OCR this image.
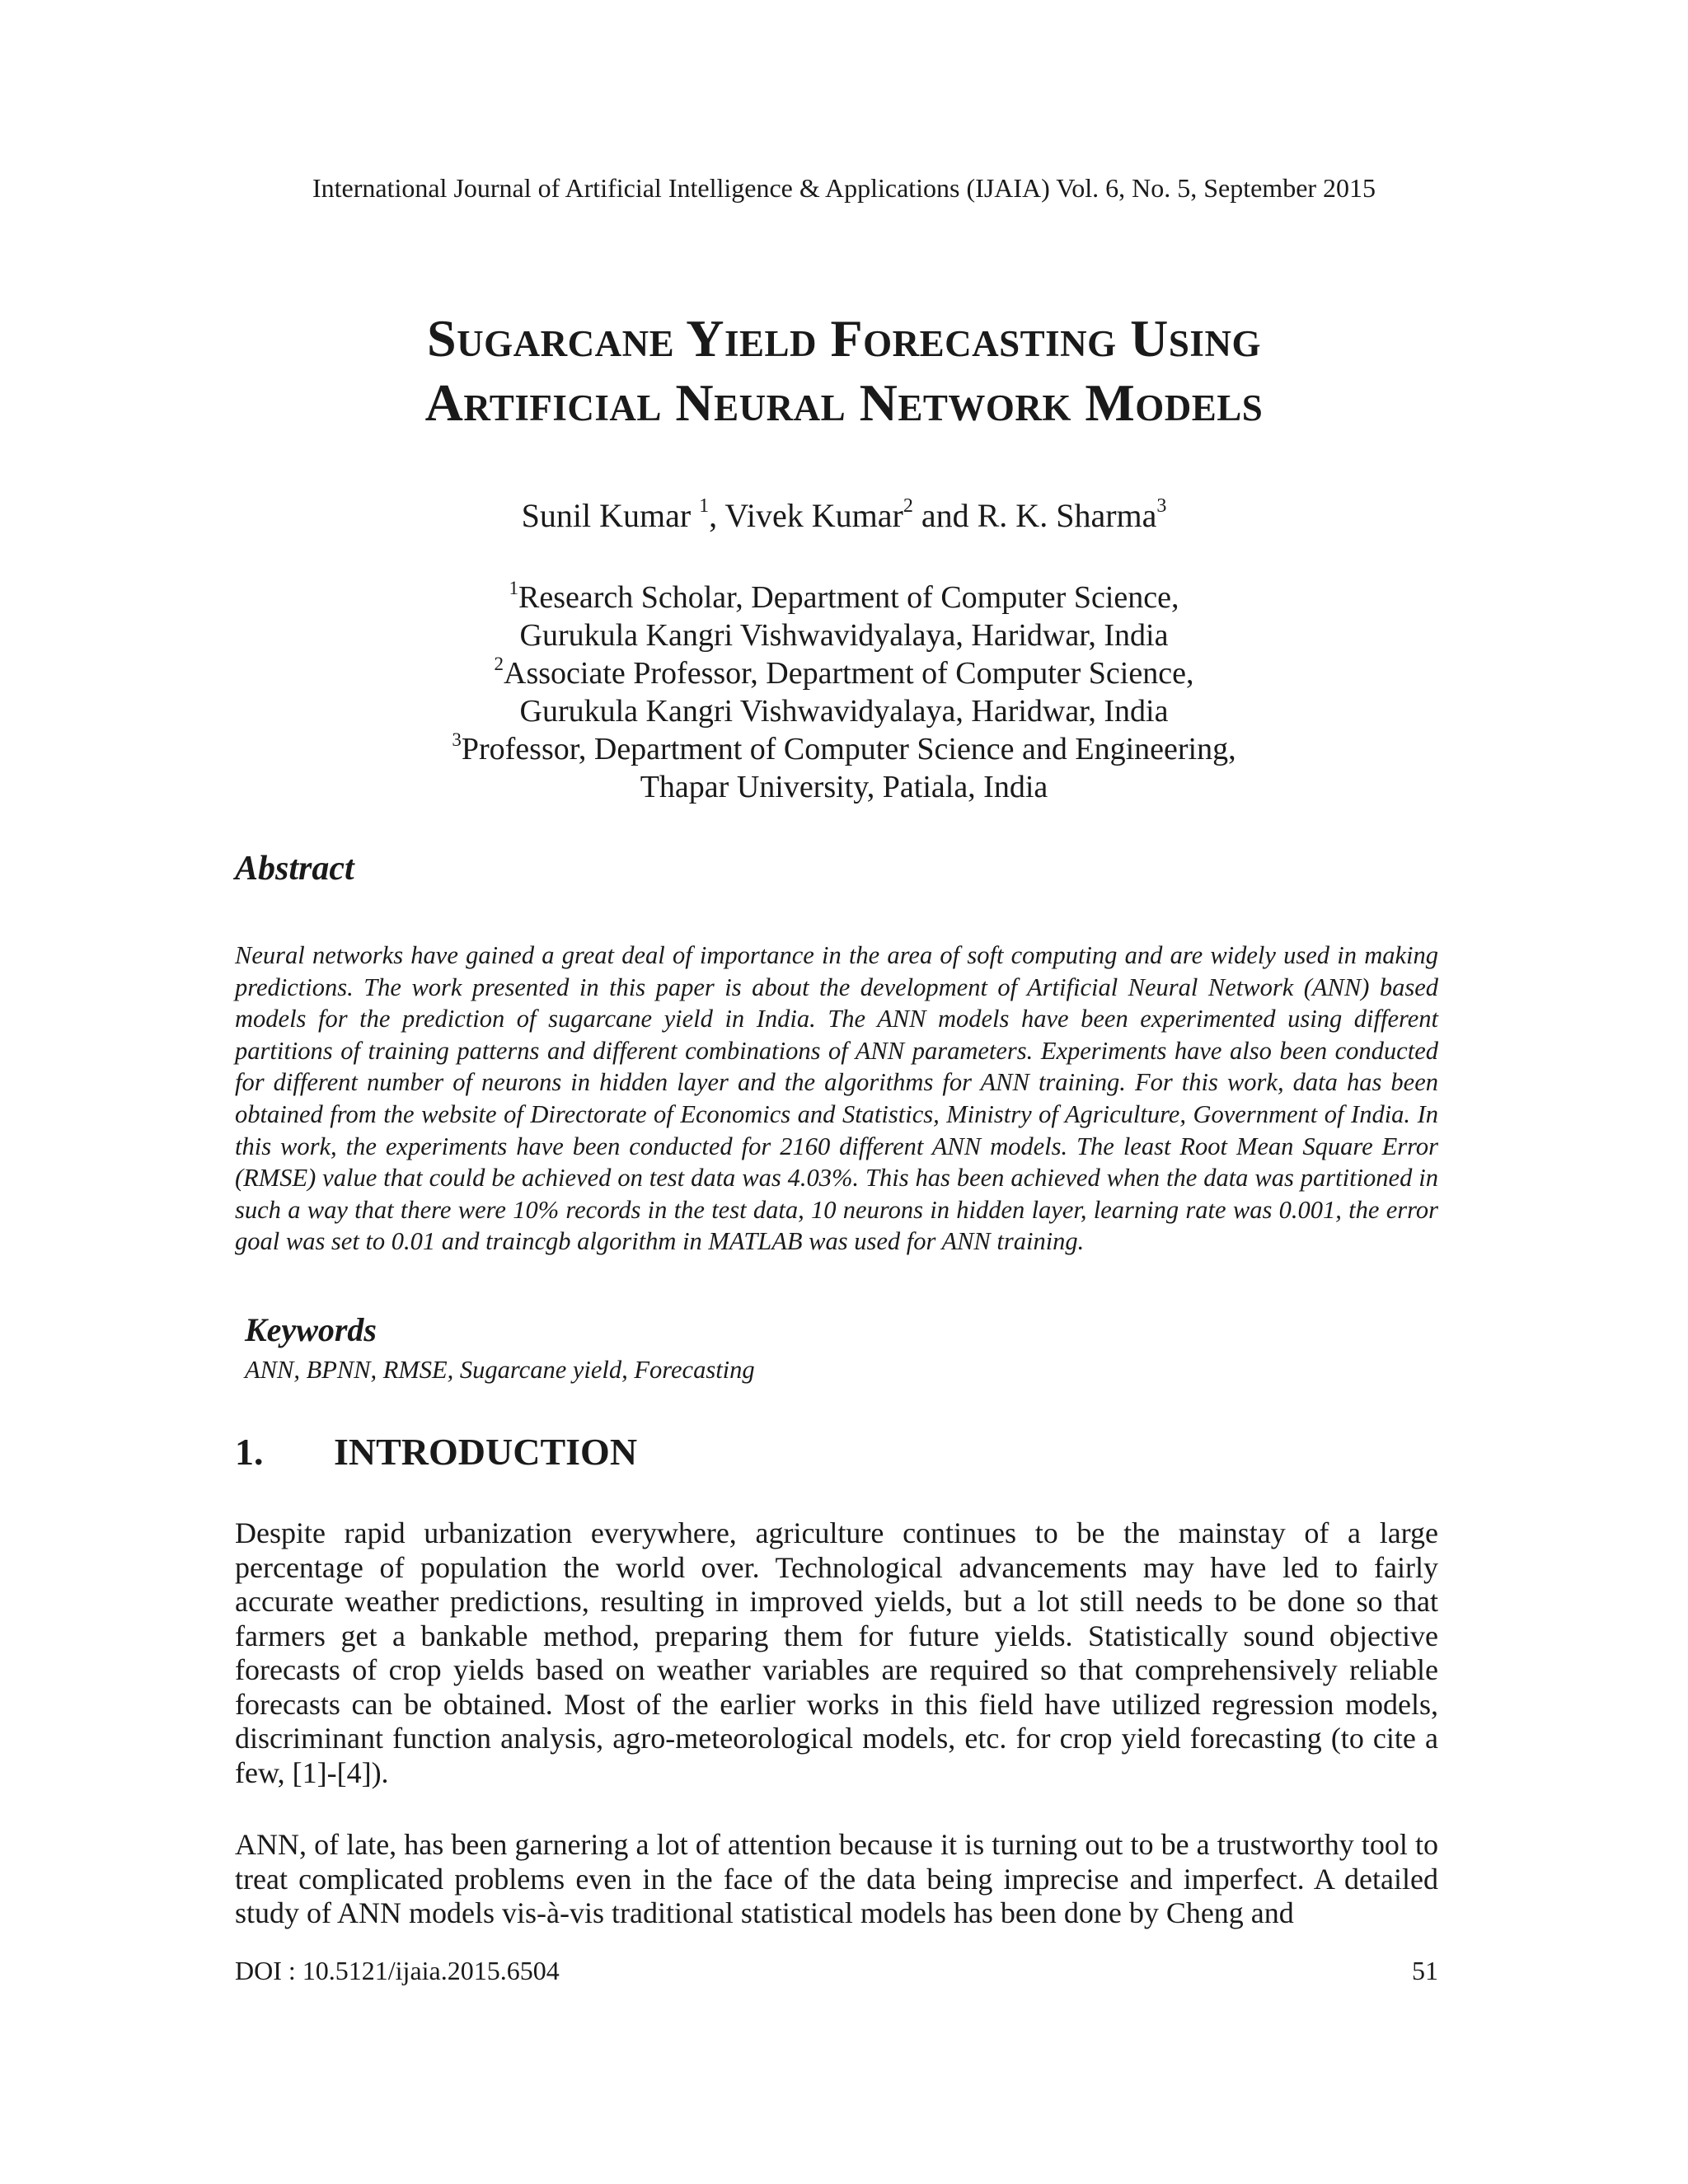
International Journal of Artificial Intelligence & Applications (IJAIA) Vol. 6, No. 5, September 2015
Sugarcane Yield Forecasting Using
Artificial Neural Network Models
Sunil Kumar $^1$, Vivek Kumar$^2$ and R. K. Sharma$^3$
$^1$Research Scholar, Department of Computer Science,
Gurukula Kangri Vishwavidyalaya, Haridwar, India
$^2$Associate Professor, Department of Computer Science,
Gurukula Kangri Vishwavidyalaya, Haridwar, India
$^3$Professor, Department of Computer Science and Engineering,
Thapar University, Patiala, India
Abstract
Neural networks have gained a great deal of importance in the area of soft computing and are widely used in making predictions. The work presented in this paper is about the development of Artificial Neural Network (ANN) based models for the prediction of sugarcane yield in India. The ANN models have been experimented using different partitions of training patterns and different combinations of ANN parameters. Experiments have also been conducted for different number of neurons in hidden layer and the algorithms for ANN training. For this work, data has been obtained from the website of Directorate of Economics and Statistics, Ministry of Agriculture, Government of India. In this work, the experiments have been conducted for 2160 different ANN models. The least Root Mean Square Error (RMSE) value that could be achieved on test data was 4.03%. This has been achieved when the data was partitioned in such a way that there were 10% records in the test data, 10 neurons in hidden layer, learning rate was 0.001, the error goal was set to 0.01 and traincgb algorithm in MATLAB was used for ANN training.
Keywords
ANN, BPNN, RMSE, Sugarcane yield, Forecasting
1. INTRODUCTION
Despite rapid urbanization everywhere, agriculture continues to be the mainstay of a large percentage of population the world over. Technological advancements may have led to fairly accurate weather predictions, resulting in improved yields, but a lot still needs to be done so that farmers get a bankable method, preparing them for future yields. Statistically sound objective forecasts of crop yields based on weather variables are required so that comprehensively reliable forecasts can be obtained. Most of the earlier works in this field have utilized regression models, discriminant function analysis, agro-meteorological models, etc. for crop yield forecasting (to cite a few, [1]-[4]).
ANN, of late, has been garnering a lot of attention because it is turning out to be a trustworthy tool to treat complicated problems even in the face of the data being imprecise and imperfect. A detailed study of ANN models vis-à-vis traditional statistical models has been done by Cheng and
DOI : 10.5121/ijaia.2015.6504	51
